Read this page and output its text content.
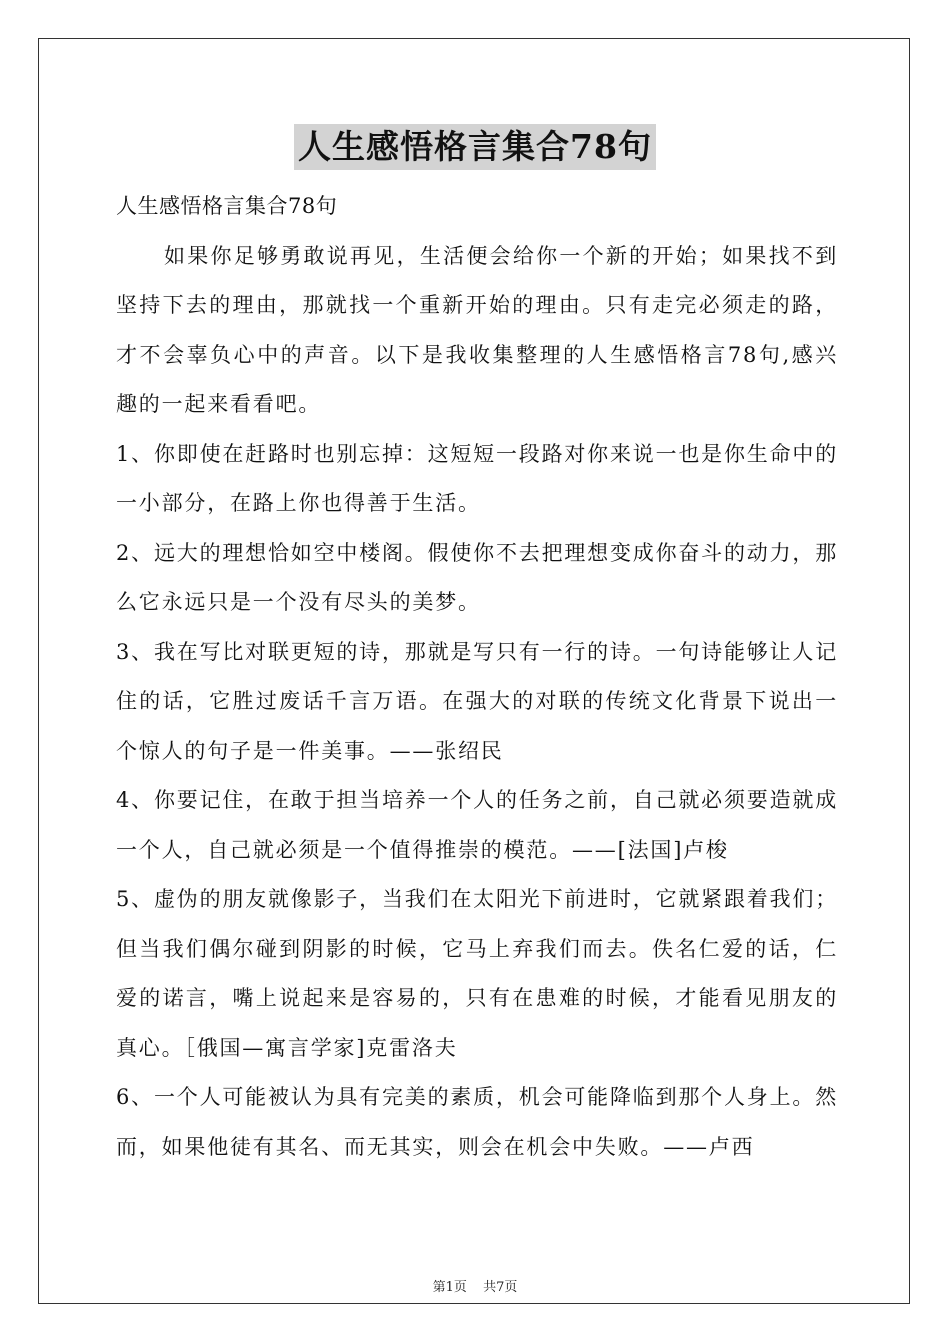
人生感悟格言集合78句

人生感悟格言集合78句

如果你足够勇敢说再见，生活便会给你一个新的开始；如果找不到坚持下去的理由，那就找一个重新开始的理由。只有走完必须走的路，才不会辜负心中的声音。以下是我收集整理的人生感悟格言78句,感兴趣的一起来看看吧。

1、你即使在赶路时也别忘掉：这短短一段路对你来说一也是你生命中的一小部分，在路上你也得善于生活。

2、远大的理想恰如空中楼阁。假使你不去把理想变成你奋斗的动力，那么它永远只是一个没有尽头的美梦。

3、我在写比对联更短的诗，那就是写只有一行的诗。一句诗能够让人记住的话，它胜过废话千言万语。在强大的对联的传统文化背景下说出一个惊人的句子是一件美事。——张绍民

4、你要记住，在敢于担当培养一个人的任务之前，自己就必须要造就成一个人，自己就必须是一个值得推崇的模范。——[法国]卢梭

5、虚伪的朋友就像影子，当我们在太阳光下前进时，它就紧跟着我们；但当我们偶尔碰到阴影的时候，它马上弃我们而去。佚名仁爱的话，仁爱的诺言，嘴上说起来是容易的，只有在患难的时候，才能看见朋友的真心。［俄国—寓言学家]克雷洛夫

6、一个人可能被认为具有完美的素质，机会可能降临到那个人身上。然而，如果他徒有其名、而无其实，则会在机会中失败。——卢西

第1页 共7页
